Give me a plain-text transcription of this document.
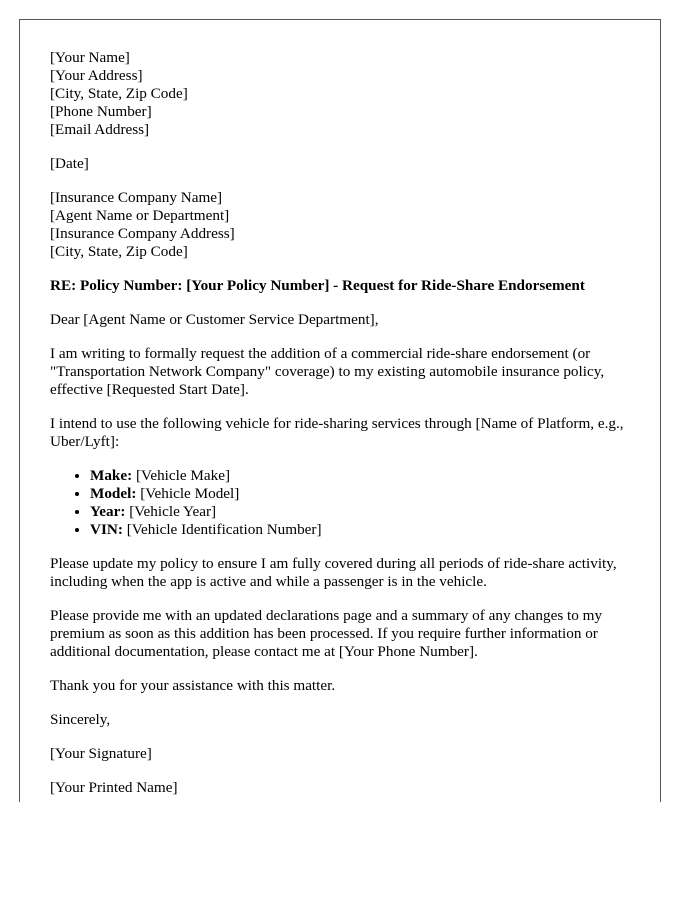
[Your Name]
[Your Address]
[City, State, Zip Code]
[Phone Number]
[Email Address]

[Date]

[Insurance Company Name]
[Agent Name or Department]
[Insurance Company Address]
[City, State, Zip Code]

RE: Policy Number: [Your Policy Number] - Request for Ride-Share Endorsement

Dear [Agent Name or Customer Service Department],

I am writing to formally request the addition of a commercial ride-share endorsement (or "Transportation Network Company" coverage) to my existing automobile insurance policy, effective [Requested Start Date].

I intend to use the following vehicle for ride-sharing services through [Name of Platform, e.g., Uber/Lyft]:

• Make: [Vehicle Make]
• Model: [Vehicle Model]
• Year: [Vehicle Year]
• VIN: [Vehicle Identification Number]

Please update my policy to ensure I am fully covered during all periods of ride-share activity, including when the app is active and while a passenger is in the vehicle.

Please provide me with an updated declarations page and a summary of any changes to my premium as soon as this addition has been processed. If you require further information or additional documentation, please contact me at [Your Phone Number].

Thank you for your assistance with this matter.

Sincerely,

[Your Signature]

[Your Printed Name]
